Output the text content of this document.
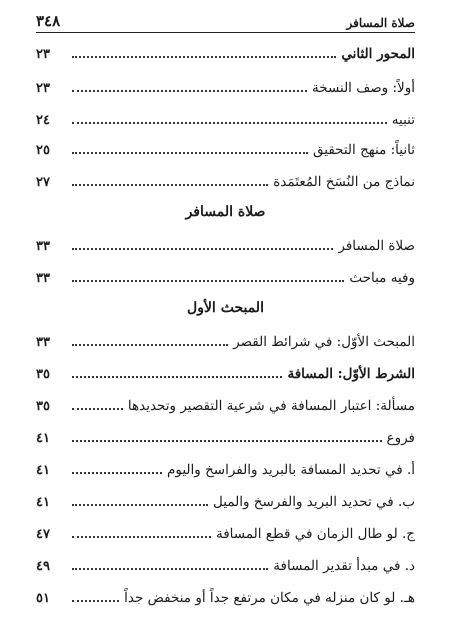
صلاة المسافر
٣٤٨
المحور الثاني
٢٣
أولاً: وصف النسخة
٢٣
تنبيه
٢٤
ثانياً: منهج التحقيق
٢٥
نماذج من النُسَخ المُعتَمَدة
٢٧
صلاة المسافر
صلاة المسافر
٣٣
وفيه مباحث
٣٣
المبحث الأول
المبحث الأوّل: في شرائط القصر
٣٣
الشرط الأوّل: المسافة
٣٥
مسألة: اعتبار المسافة في شرعية التقصير وتحديدها
٣٥
فروع
٤١
أ. في تحديد المسافة بالبريد والفراسخ واليوم
٤١
ب. في تحديد البريد والفرسخ والميل
٤١
ج. لو طال الزمان في قطع المسافة
٤٧
د. في مبدأ تقدير المسافة
٤٩
هـ. لو كان منزله في مكان مرتفع جداً أو منخفض جداً
٥١
